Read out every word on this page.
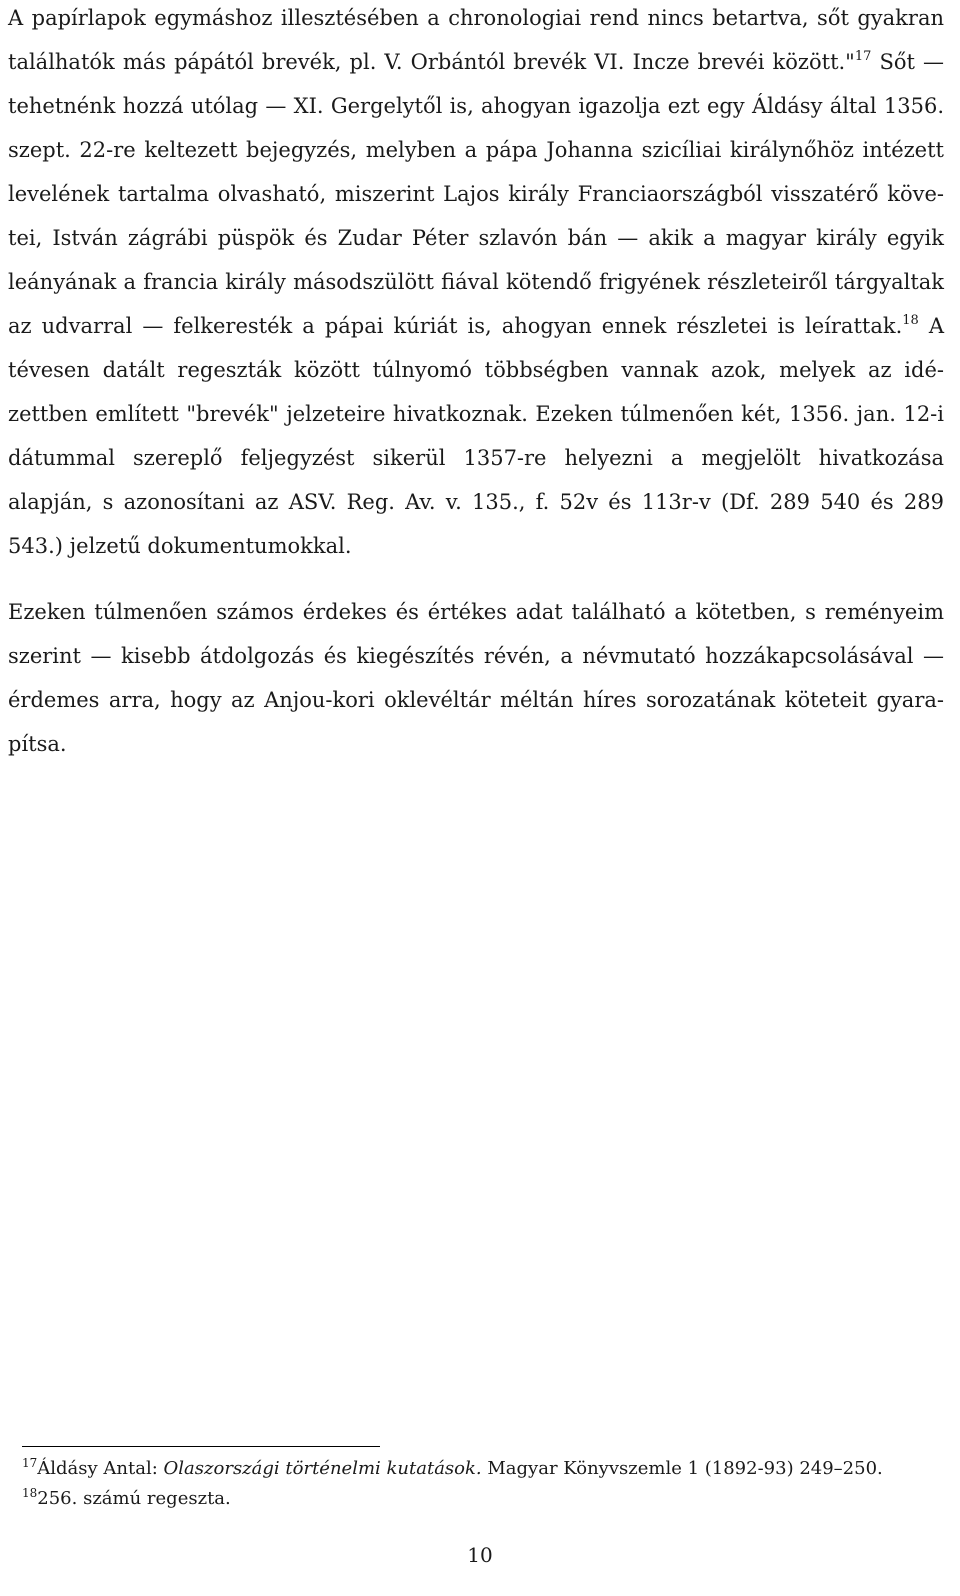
A papírlapok egymáshoz illesztésében a chronologiai rend nincs betartva, sőt gyakran találhatók más pápától brevék, pl. V. Orbántól brevék VI. Incze brevéi között."$^{17}$ Sőt — tehetnénk hozzá utólag — XI. Gergelytől is, ahogyan igazolja ezt egy Áldásy által 1356. szept. 22-re keltezett bejegyzés, melyben a pápa Johanna szicíliai királynőhöz intézett levelének tartalma olvasható, miszerint Lajos király Franciaországból visszatérő követei, István zágrábi püspök és Zudar Péter szlavón bán — akik a magyar király egyik leányának a francia király másodszülött fiával kötendő frigyének részleteiről tárgyaltak az udvarral — felkeresték a pápai kúriát is, ahogyan ennek részletei is leírattak.$^{18}$ A tévesen datált regeszták között túlnyomó többségben vannak azok, melyek az idézettben említett "brevék" jelzeteire hivatkoznak. Ezeken túlmenően két, 1356. jan. 12-i dátummal szereplő feljegyzést sikerül 1357-re helyezni a megjelölt hivatkozása alapján, s azonosítani az ASV. Reg. Av. v. 135., f. 52v és 113r-v (Df. 289 540 és 289 543.) jelzetű dokumentumokkal.

Ezeken túlmenően számos érdekes és értékes adat található a kötetben, s reményeim szerint — kisebb átdolgozás és kiegészítés révén, a névmutató hozzákapcsolásával — érdemes arra, hogy az Anjou-kori oklevéltár méltán híres sorozatának köteteit gyarapítsa.

$^{17}$Áldásy Antal: Olaszországi történelmi kutatások. Magyar Könyvszemle 1 (1892-93) 249–250.
$^{18}$256. számú regeszta.
10
